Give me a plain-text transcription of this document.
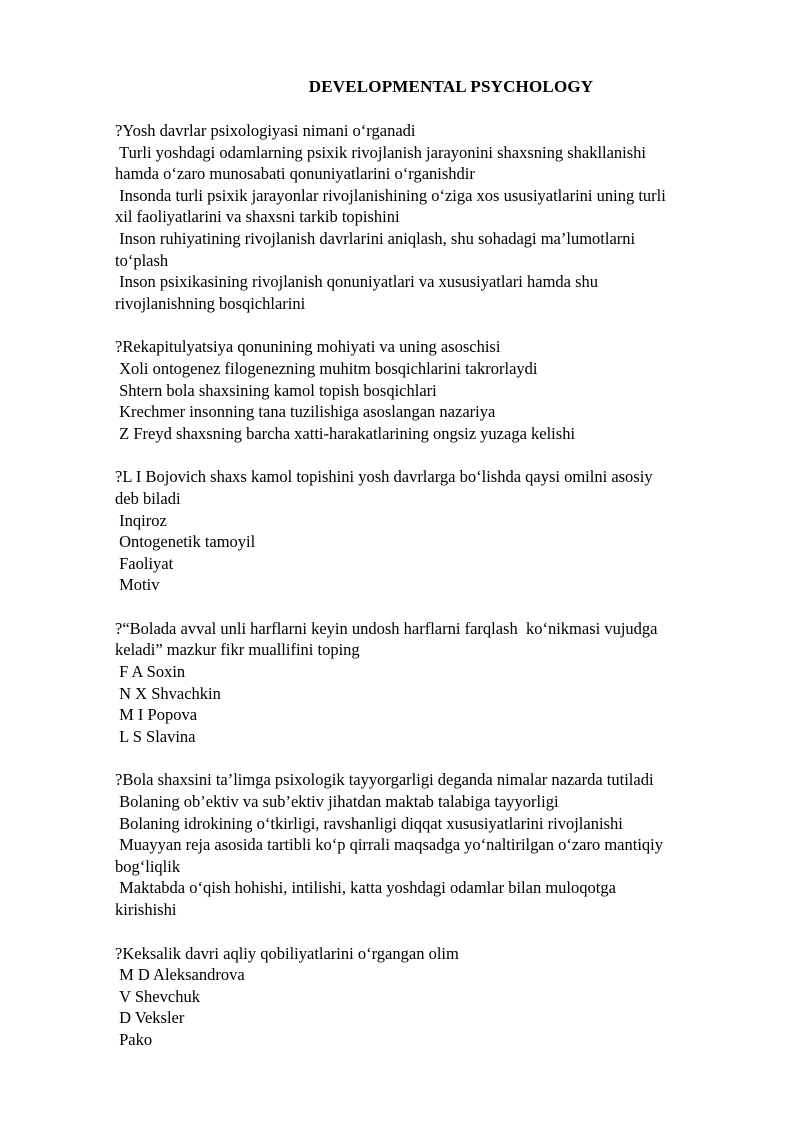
DEVELOPMENTAL PSYCHOLOGY
?Yosh davrlar psixologiyasi nimani o‘rganadi
Turli yoshdagi odamlarning psixik rivojlanish jarayonini shaxsning shakllanishi
hamda o‘zaro munosabati qonuniyatlarini o‘rganishdir
Insonda turli psixik jarayonlar rivojlanishining o‘ziga xos ususiyatlarini uning turli
xil faoliyatlarini va shaxsni tarkib topishini
Inson ruhiyatining rivojlanish davrlarini aniqlash, shu sohadagi ma’lumotlarni
to‘plash
Inson psixikasining rivojlanish qonuniyatlari va xususiyatlari hamda shu
rivojlanishning bosqichlarini
?Rekapitulyatsiya qonunining mohiyati va uning asoschisi
Xoli ontogenez filogenezning muhitm bosqichlarini takrorlaydi
Shtern bola shaxsining kamol topish bosqichlari
Krechmer insonning tana tuzilishiga asoslangan nazariya
Z Freyd shaxsning barcha xatti-harakatlarining ongsiz yuzaga kelishi
?L I Bojovich shaxs kamol topishini yosh davrlarga bo‘lishda qaysi omilni asosiy
deb biladi
Inqiroz
Ontogenetik tamoyil
Faoliyat
Motiv
?“Bolada avval unli harflarni keyin undosh harflarni farqlash  ko‘nikmasi vujudga
keladi” mazkur fikr muallifini toping
F A Soxin
N X Shvachkin
M I Popova
L S Slavina
?Bola shaxsini ta’limga psixologik tayyorgarligi deganda nimalar nazarda tutiladi
Bolaning ob’ektiv va sub’ektiv jihatdan maktab talabiga tayyorligi
Bolaning idrokining o‘tkirligi, ravshanligi diqqat xususiyatlarini rivojlanishi
Muayyan reja asosida tartibli ko‘p qirrali maqsadga yo‘naltirilgan o‘zaro mantiqiy
bog‘liqlik
Maktabda o‘qish hohishi, intilishi, katta yoshdagi odamlar bilan muloqotga
kirishishi
?Keksalik davri aqliy qobiliyatlarini o‘rgangan olim
M D Aleksandrova
V Shevchuk
D Veksler
Pako
